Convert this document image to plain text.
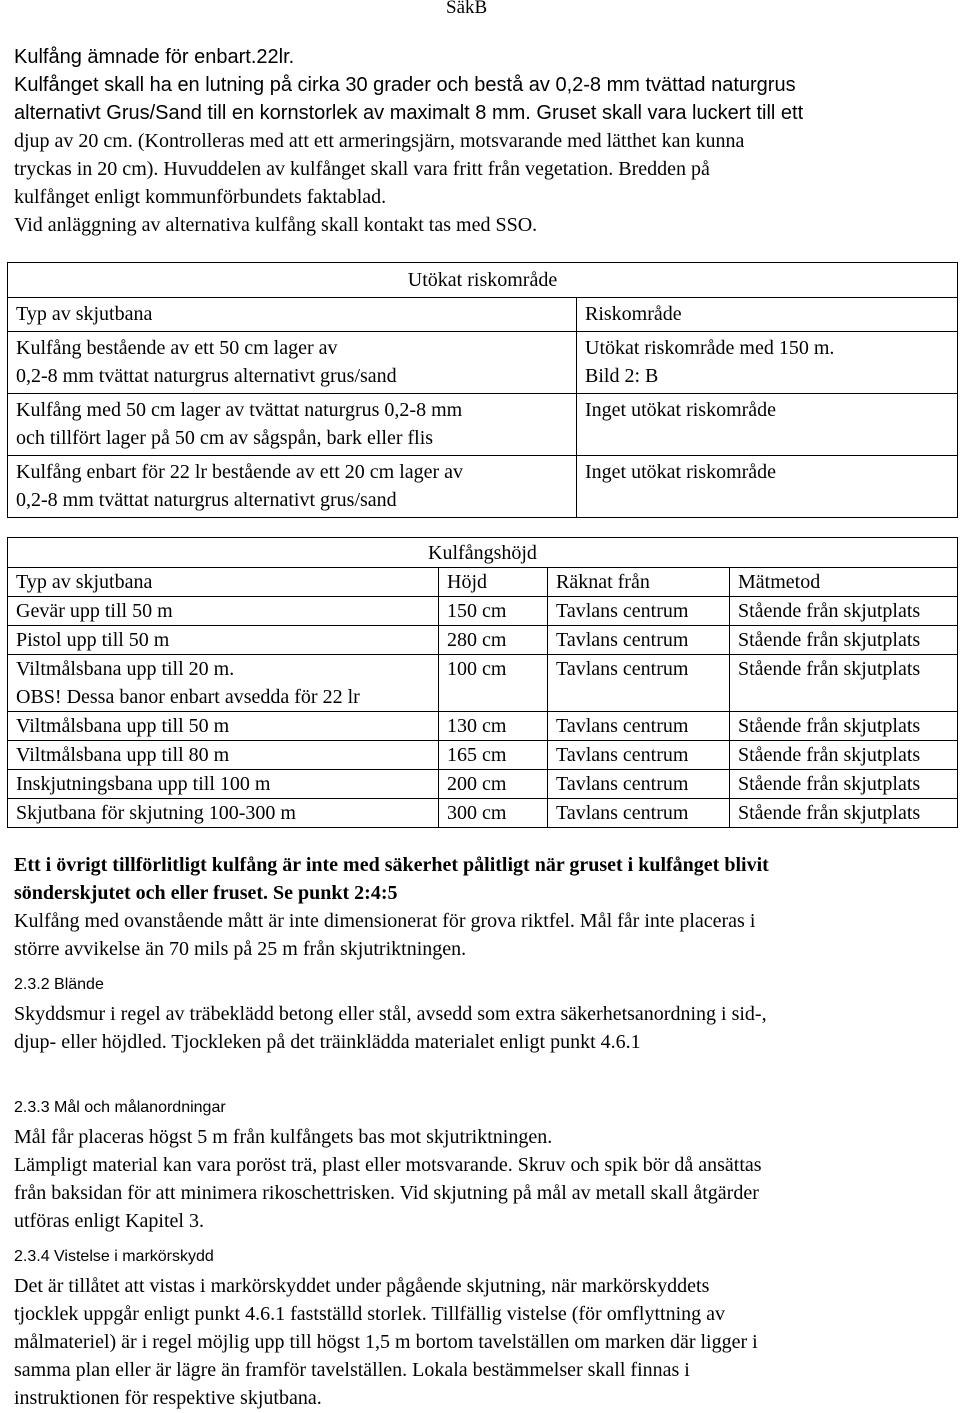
SäkB
Kulfång ämnade för enbart.22lr.
Kulfånget skall ha en lutning på cirka 30 grader och bestå av 0,2-8 mm tvättad naturgrus
alternativt Grus/Sand till en kornstorlek av maximalt 8 mm. Gruset skall vara luckert till ett
djup av 20 cm. (Kontrolleras med att ett armeringsjärn, motsvarande med lätthet kan kunna
tryckas in 20 cm). Huvuddelen av kulfånget skall vara fritt från vegetation. Bredden på
kulfånget enligt kommunförbundets faktablad.
Vid anläggning av alternativa kulfång skall kontakt tas med SSO.
Utökat riskområde	
Typ av skjutbana	Riskområde

Kulfång bestående av ett 50 cm lager av
0,2-8 mm tvättat naturgrus alternativt grus/sand	Utökat riskområde med 150 m.
Bild 2: B

Kulfång med 50 cm lager av tvättat naturgrus 0,2-8 mm
och tillfört lager på 50 cm av sågspån, bark eller flis	Inget utökat riskområde

Kulfång enbart för 22 lr bestående av ett 20 cm lager av
0,2-8 mm tvättat naturgrus alternativt grus/sand	Inget utökat riskområde
Kulfångshöjd			
Typ av skjutbana	Höjd	Räknat från	Mätmetod
Gevär upp till 50 m	150 cm	Tavlans centrum	Stående från skjutplats
Pistol upp till 50 m	280 cm	Tavlans centrum	Stående från skjutplats

Viltmålsbana upp till 20 m.
OBS! Dessa banor enbart avsedda för 22 lr	100 cm	Tavlans centrum	Stående från skjutplats
Viltmålsbana upp till 50 m	130 cm	Tavlans centrum	Stående från skjutplats
Viltmålsbana upp till 80 m	165 cm	Tavlans centrum	Stående från skjutplats
Inskjutningsbana upp till 100 m	200 cm	Tavlans centrum	Stående från skjutplats
Skjutbana för skjutning 100-300 m	300 cm	Tavlans centrum	Stående från skjutplats
Ett i övrigt tillförlitligt kulfång är inte med säkerhet pålitligt när gruset i kulfånget blivit
sönderskjutet och eller fruset. Se punkt 2:4:5
Kulfång med ovanstående mått är inte dimensionerat för grova riktfel. Mål får inte placeras i
större avvikelse än 70 mils på 25 m från skjutriktningen.
2.3.2 Blände
Skyddsmur i regel av träbeklädd betong eller stål, avsedd som extra säkerhetsanordning i sid-,
djup- eller höjdled. Tjockleken på det träinklädda materialet enligt punkt 4.6.1
2.3.3 Mål och målanordningar
Mål får placeras högst 5 m från kulfångets bas mot skjutriktningen.
Lämpligt material kan vara poröst trä, plast eller motsvarande. Skruv och spik bör då ansättas
från baksidan för att minimera rikoschettrisken. Vid skjutning på mål av metall skall åtgärder
utföras enligt Kapitel 3.
2.3.4 Vistelse i markörskydd
Det är tillåtet att vistas i markörskyddet under pågående skjutning, när markörskyddets
tjocklek uppgår enligt punkt 4.6.1 fastställd storlek. Tillfällig vistelse (för omflyttning av
målmateriel) är i regel möjlig upp till högst 1,5 m bortom tavelställen om marken där ligger i
samma plan eller är lägre än framför tavelställen. Lokala bestämmelser skall finnas i
instruktionen för respektive skjutbana.
